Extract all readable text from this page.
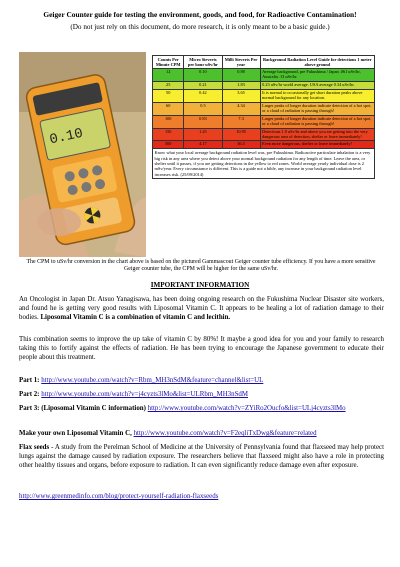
Geiger Counter guide for testing the environment, goods, and food, for Radioactive Contamination!
(Do not just rely on this document, do more research, it is only meant to be a basic guide.)
0.10
Counts Per Minute CPM	Micro Sieverts per hour uSv/hr	Milli Sieverts Per year	Background Radiation Level Guide for detections 1 meter above ground
12	0.10	0.88	Average background, pre Fukushima / Japan .061 uSv/hr, Australia .13 uSv/hr
25	0.21	1.83	0.23 uSv/hr world average. USA average 0.34 uSv/hr.
50	0.42	3.65	It is normal to occasionally get short duration peaks above normal background for any location.
60	0.5	4.34	Larger peaks of longer duration indicate detection of a hot spot, or a cloud of radiation is passing through!
100	0.83	7.3	Larger peaks of longer duration indicate detection of a hot spot, or a cloud of radiation is passing through!
150	1.25	10.95	Detections 1.0 uSv/hr and above you are getting into the very dangerous area of detection, shelter or leave immediately!
500	4.17	36.5	Even more dangerous, shelter or leave immediately!
Know what your local average background radiation level was, pre Fukushima. Radioactive particulate inhalation is a very big risk in any area where you detect above your normal background radiation for any length of time. Leave the area, or shelter until it passes, if you are getting detections in the yellow to red zones. World average yearly individual dose is 2 mSv/year. Every circumstance is different. This is a guide not a bible, any increase in your background radiation level increases risk. (25/09/2014)			
The CPM to uSv/hr conversion in the chart above is based on the pictured Gammascout Geiger counter tube efficiency. If you have a more sensitive Geiger counter tube, the CPM will be higher for the same uSv/hr.
IMPORTANT INFORMATION
An Oncologist in Japan Dr. Atsuo Yanagisawa, has been doing ongoing research on the Fukushima Nuclear Disaster site workers, and found he is getting very good results with Liposomal Vitamin C. It appears to be healing a lot of radiation damage to their bodies. Liposomal Vitamin C is a combination of vitamin C and lecithin.
This combination seems to improve the up take of vitamin C by 80%! It maybe a good idea for you and your family to research taking this to fortify against the effects of radiation. He has been trying to encourage the Japanese government to educate their people about this treatment.
Part 1: http://www.youtube.com/watch?v=Rbm_MH3nSdM&feature=channel&list=UL
Part 2: http://www.youtube.com/watch?v=j4cyzts3lMo&list=ULRbm_MH3nSdM
Part 3: (Liposomal Vitamin C information) http://www.youtube.com/watch?v=ZYiRo2Oucfo&list=ULj4cyzts3lMo
Make your own Liposomal Vitamin C, http://www.youtube.com/watch?v=F2eqliTxDwg&feature=related
Flax seeds - A study from the Perelman School of Medicine at the University of Pennsylvania found that flaxseed may help protect lungs against the damage caused by radiation exposure. The researchers believe that flaxseed might also have a role in protecting other healthy tissues and organs, before exposure to radiation. It can even significantly reduce damage even after exposure.
http://www.greenmedinfo.com/blog/protect-yourself-radiation-flaxseeds
